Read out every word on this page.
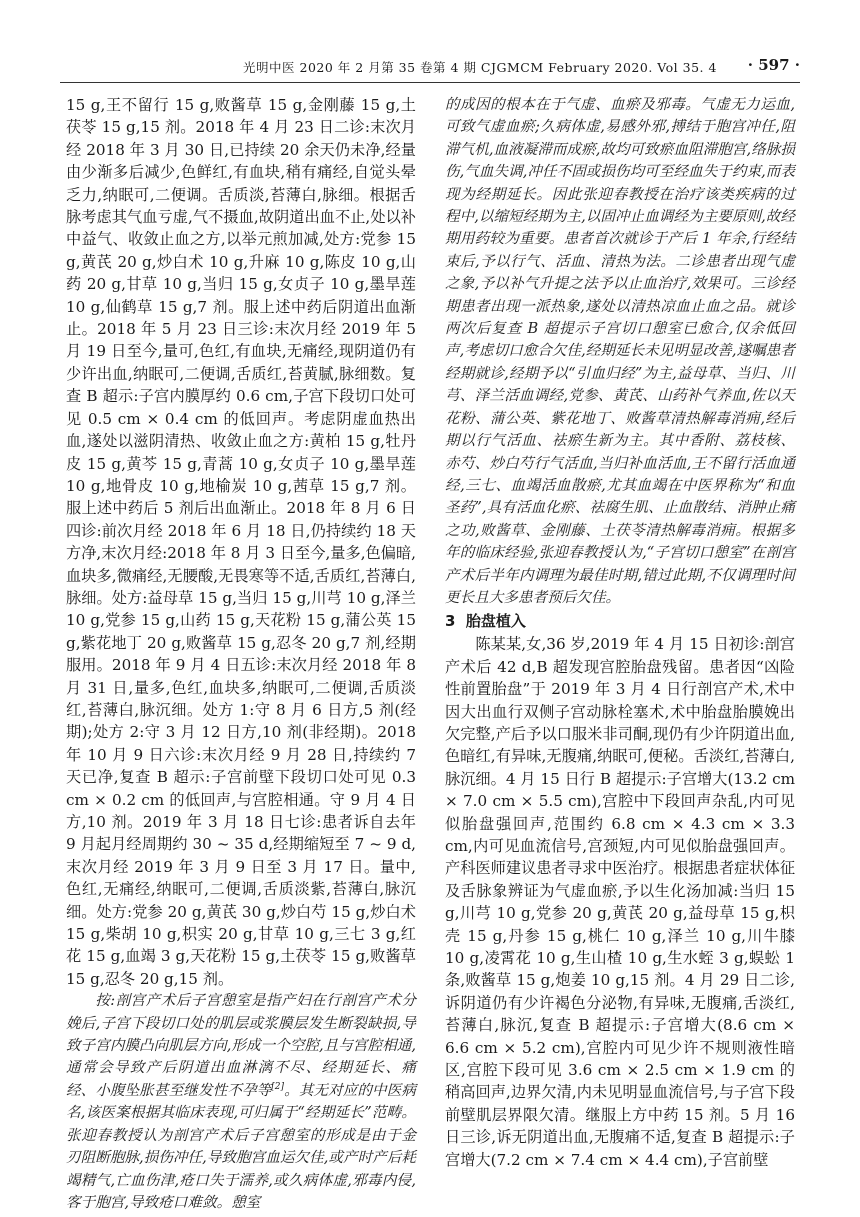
光明中医 2020 年 2 月第 35 卷第 4 期 CJGMCM February 2020. Vol 35. 4	· 597 ·

15 g,王不留行 15 g,败酱草 15 g,金刚藤 15 g,土茯苓 15 g,15 剂。2018 年 4 月 23 日二诊:末次月经 2018 年 3 月 30 日,已持续 20 余天仍未净,经量由少渐多后减少,色鲜红,有血块,稍有痛经,自觉头晕乏力,纳眠可,二便调。舌质淡,苔薄白,脉细。根据舌脉考虑其气血亏虚,气不摄血,故阴道出血不止,处以补中益气、收敛止血之方,以举元煎加减,处方:党参 15 g,黄芪 20 g,炒白术 10 g,升麻 10 g,陈皮 10 g,山药 20 g,甘草 10 g,当归 15 g,女贞子 10 g,墨旱莲 10 g,仙鹤草 15 g,7 剂。服上述中药后阴道出血渐止。2018 年 5 月 23 日三诊:末次月经 2019 年 5 月 19 日至今,量可,色红,有血块,无痛经,现阴道仍有少许出血,纳眠可,二便调,舌质红,苔黄腻,脉细数。复查 B 超示:子宫内膜厚约 0.6 cm,子宫下段切口处可见 0.5 cm × 0.4 cm 的低回声。考虑阴虚血热出血,遂处以滋阴清热、收敛止血之方:黄柏 15 g,牡丹皮 15 g,黄芩 15 g,青蒿 10 g,女贞子 10 g,墨旱莲 10 g,地骨皮 10 g,地榆炭 10 g,茜草 15 g,7 剂。服上述中药后 5 剂后出血渐止。2018 年 8 月 6 日四诊:前次月经 2018 年 6 月 18 日,仍持续约 18 天方净,末次月经:2018 年 8 月 3 日至今,量多,色偏暗,血块多,微痛经,无腰酸,无畏寒等不适,舌质红,苔薄白,脉细。处方:益母草 15 g,当归 15 g,川芎 10 g,泽兰 10 g,党参 15 g,山药 15 g,天花粉 15 g,蒲公英 15 g,紫花地丁 20 g,败酱草 15 g,忍冬 20 g,7 剂,经期服用。2018 年 9 月 4 日五诊:末次月经 2018 年 8 月 31 日,量多,色红,血块多,纳眠可,二便调,舌质淡红,苔薄白,脉沉细。处方 1:守 8 月 6 日方,5 剂(经期);处方 2:守 3 月 12 日方,10 剂(非经期)。2018 年 10 月 9 日六诊:末次月经 9 月 28 日,持续约 7 天已净,复查 B 超示:子宫前壁下段切口处可见 0.3 cm × 0.2 cm 的低回声,与宫腔相通。守 9 月 4 日方,10 剂。2019 年 3 月 18 日七诊:患者诉自去年 9 月起月经周期约 30 ~ 35 d,经期缩短至 7 ~ 9 d,末次月经 2019 年 3 月 9 日至 3 月 17 日。量中,色红,无痛经,纳眠可,二便调,舌质淡紫,苔薄白,脉沉细。处方:党参 20 g,黄芪 30 g,炒白芍 15 g,炒白术 15 g,柴胡 10 g,枳实 20 g,甘草 10 g,三七 3 g,红花 15 g,血竭 3 g,天花粉 15 g,土茯苓 15 g,败酱草 15 g,忍冬 20 g,15 剂。

按:剖宫产术后子宫憩室是指产妇在行剖宫产术分娩后,子宫下段切口处的肌层或浆膜层发生断裂缺损,导致子宫内膜凸向肌层方向,形成一个空腔,且与宫腔相通,通常会导致产后阴道出血淋漓不尽、经期延长、痛经、小腹坠胀甚至继发性不孕等[2]。其无对应的中医病名,该医案根据其临床表现,可归属于“经期延长”范畴。张迎春教授认为剖宫产术后子宫憩室的形成是由于金刃阻断胞脉,损伤冲任,导致胞宫血运欠佳,或产时产后耗竭精气,亡血伤津,疮口失于濡养,或久病体虚,邪毒内侵,客于胞宫,导致疮口难敛。憩室

的成因的根本在于气虚、血瘀及邪毒。气虚无力运血,可致气虚血瘀;久病体虚,易感外邪,搏结于胞宫冲任,阻滞气机,血液凝滞而成瘀,故均可致瘀血阻滞胞宫,络脉损伤,气血失调,冲任不固或损伤均可至经血失于约束,而表现为经期延长。因此张迎春教授在治疗该类疾病的过程中,以缩短经期为主,以固冲止血调经为主要原则,故经期用药较为重要。患者首次就诊于产后 1 年余,行经结束后,予以行气、活血、清热为法。二诊患者出现气虚之象,予以补气升提之法予以止血治疗,效果可。三诊经期患者出现一派热象,遂处以清热凉血止血之品。就诊两次后复查 B 超提示子宫切口憩室已愈合,仅余低回声,考虑切口愈合欠佳,经期延长未见明显改善,遂嘱患者经期就诊,经期予以“引血归经”为主,益母草、当归、川芎、泽兰活血调经,党参、黄芪、山药补气养血,佐以天花粉、蒲公英、紫花地丁、败酱草清热解毒消痈,经后期以行气活血、祛瘀生新为主。其中香附、荔枝核、赤芍、炒白芍行气活血,当归补血活血,王不留行活血通经,三七、血竭活血散瘀,尤其血竭在中医界称为“和血圣药”,具有活血化瘀、祛腐生肌、止血散结、消肿止痛之功,败酱草、金刚藤、土茯苓清热解毒消痈。根据多年的临床经验,张迎春教授认为,“子宫切口憩室”在剖宫产术后半年内调理为最佳时期,错过此期,不仅调理时间更长且大多患者预后欠佳。

3 胎盘植入

陈某某,女,36 岁,2019 年 4 月 15 日初诊:剖宫产术后 42 d,B 超发现宫腔胎盘残留。患者因“凶险性前置胎盘”于 2019 年 3 月 4 日行剖宫产术,术中因大出血行双侧子宫动脉栓塞术,术中胎盘胎膜娩出欠完整,产后予以口服米非司酮,现仍有少许阴道出血,色暗红,有异味,无腹痛,纳眠可,便秘。舌淡红,苔薄白,脉沉细。4 月 15 日行 B 超提示:子宫增大(13.2 cm × 7.0 cm × 5.5 cm),宫腔中下段回声杂乱,内可见似胎盘强回声,范围约 6.8 cm × 4.3 cm × 3.3 cm,内可见血流信号,宫颈短,内可见似胎盘强回声。产科医师建议患者寻求中医治疗。根据患者症状体征及舌脉象辨证为气虚血瘀,予以生化汤加减:当归 15 g,川芎 10 g,党参 20 g,黄芪 20 g,益母草 15 g,枳壳 15 g,丹参 15 g,桃仁 10 g,泽兰 10 g,川牛膝 10 g,凌霄花 10 g,生山楂 10 g,生水蛭 3 g,蜈蚣 1 条,败酱草 15 g,炮姜 10 g,15 剂。4 月 29 日二诊,诉阴道仍有少许褐色分泌物,有异味,无腹痛,舌淡红,苔薄白,脉沉,复查 B 超提示:子宫增大(8.6 cm × 6.6 cm × 5.2 cm),宫腔内可见少许不规则液性暗区,宫腔下段可见 3.6 cm × 2.5 cm × 1.9 cm 的稍高回声,边界欠清,内未见明显血流信号,与子宫下段前壁肌层界限欠清。继服上方中药 15 剂。5 月 16 日三诊,诉无阴道出血,无腹痛不适,复查 B 超提示:子宫增大(7.2 cm × 7.4 cm × 4.4 cm),子宫前壁
